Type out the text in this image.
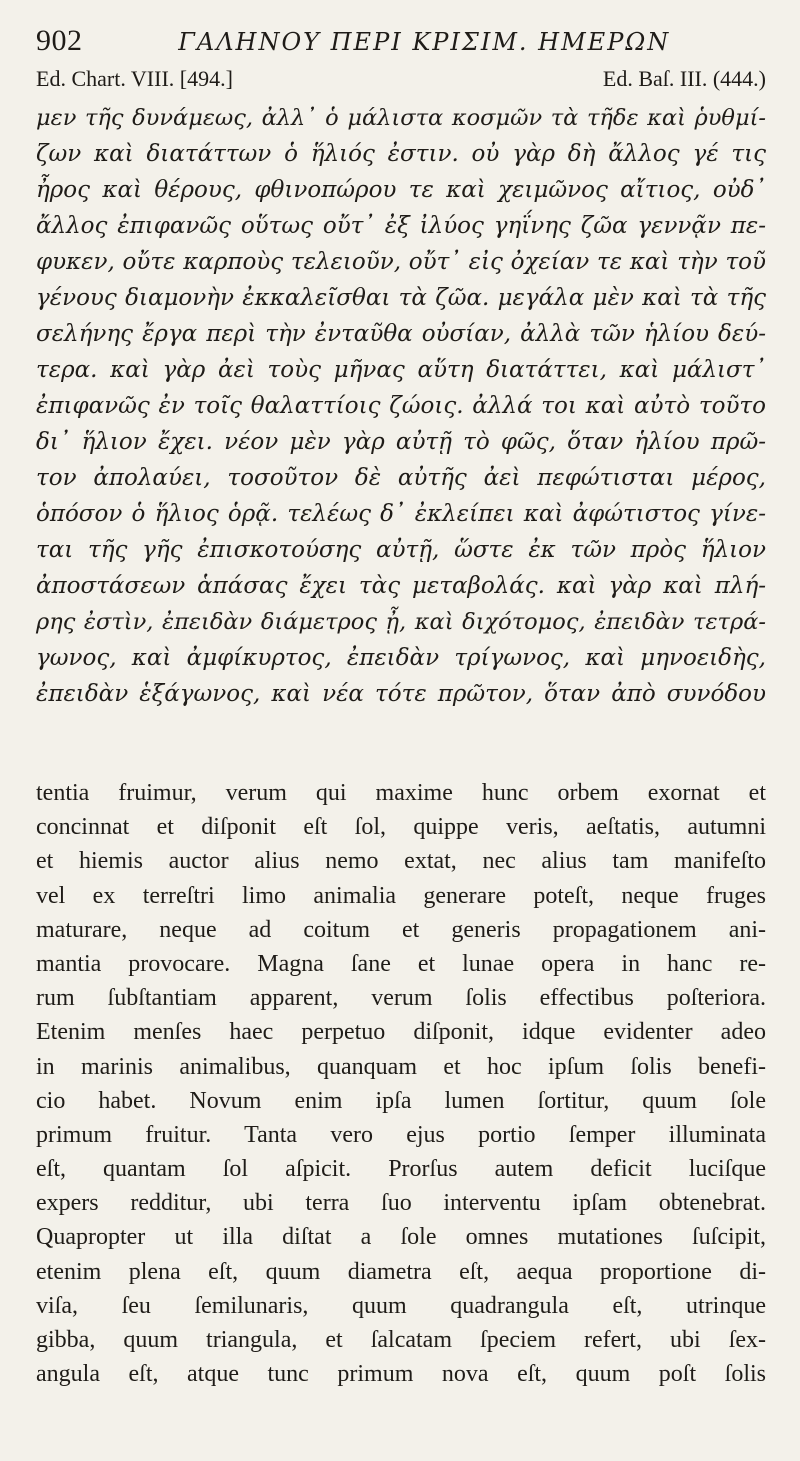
902	ΓΑΛΗΝΟΥ ΠΕΡΙ ΚΡΙΣΙΜ. ΗΜΕΡΩΝ
Ed. Chart. VIII. [494.]	Ed. Baſ. III. (444.)
μεν τῆς δυνάμεως, ἀλλ᾽ ὁ μάλιστα κοσμῶν τὰ τῆδε καὶ ῥυθμί-
ζων καὶ διατάττων ὁ ἥλιός ἐστιν. οὐ γὰρ δὴ ἄλλος γέ τις
ἦρος καὶ θέρους, φθινοπώρου τε καὶ χειμῶνος αἴτιος, οὐδ᾽
ἄλλος ἐπιφανῶς οὕτως οὔτ᾽ ἐξ ἰλύος γηΐνης ζῶα γεννᾷν πε-
φυκεν, οὔτε καρποὺς τελειοῦν, οὔτ᾽ εἰς ὀχείαν τε καὶ τὴν τοῦ
γένους διαμονὴν ἐκκαλεῖσθαι τὰ ζῶα. μεγάλα μὲν καὶ τὰ τῆς
σελήνης ἔργα περὶ τὴν ἐνταῦθα οὐσίαν, ἀλλὰ τῶν ἡλίου δεύ-
τερα. καὶ γὰρ ἀεὶ τοὺς μῆνας αὕτη διατάττει, καὶ μάλιστ᾽
ἐπιφανῶς ἐν τοῖς θαλαττίοις ζώοις. ἀλλά τοι καὶ αὐτὸ τοῦτο
δι᾽ ἥλιον ἔχει. νέον μὲν γὰρ αὐτῇ τὸ φῶς, ὅταν ἡλίου πρῶ-
τον ἀπολαύει, τοσοῦτον δὲ αὐτῆς ἀεὶ πεφώτισται μέρος,
ὁπόσον ὁ ἥλιος ὁρᾷ. τελέως δ᾽ ἐκλείπει καὶ ἀφώτιστος γίνε-
ται τῆς γῆς ἐπισκοτούσης αὐτῇ, ὥστε ἐκ τῶν πρὸς ἥλιον
ἀποστάσεων ἁπάσας ἔχει τὰς μεταβολάς. καὶ γὰρ καὶ πλή-
ρης ἐστὶν, ἐπειδὰν διάμετρος ᾖ, καὶ διχότομος, ἐπειδὰν τετρά-
γωνος, καὶ ἀμφίκυρτος, ἐπειδὰν τρίγωνος, καὶ μηνοειδὴς,
ἐπειδὰν ἑξάγωνος, καὶ νέα τότε πρῶτον, ὅταν ἀπὸ συνόδου
tentia fruimur, verum qui maxime hunc orbem exornat et
concinnat et diſponit eſt ſol, quippe veris, aeſtatis, autumni
et hiemis auctor alius nemo extat, nec alius tam manifeſto
vel ex terreſtri limo animalia generare poteſt, neque fruges
maturare, neque ad coitum et generis propagationem ani-
mantia provocare. Magna ſane et lunae opera in hanc re-
rum ſubſtantiam apparent, verum ſolis effectibus poſteriora.
Etenim menſes haec perpetuo diſponit, idque evidenter adeo
in marinis animalibus, quanquam et hoc ipſum ſolis benefi-
cio habet. Novum enim ipſa lumen ſortitur, quum ſole
primum fruitur. Tanta vero ejus portio ſemper illuminata
eſt, quantam ſol aſpicit. Prorſus autem deficit luciſque
expers redditur, ubi terra ſuo interventu ipſam obtenebrat.
Quapropter ut illa diſtat a ſole omnes mutationes ſuſcipit,
etenim plena eſt, quum diametra eſt, aequa proportione di-
viſa, ſeu ſemilunaris, quum quadrangula eſt, utrinque
gibba, quum triangula, et ſalcatam ſpeciem refert, ubi ſex-
angula eſt, atque tunc primum nova eſt, quum poſt ſolis
